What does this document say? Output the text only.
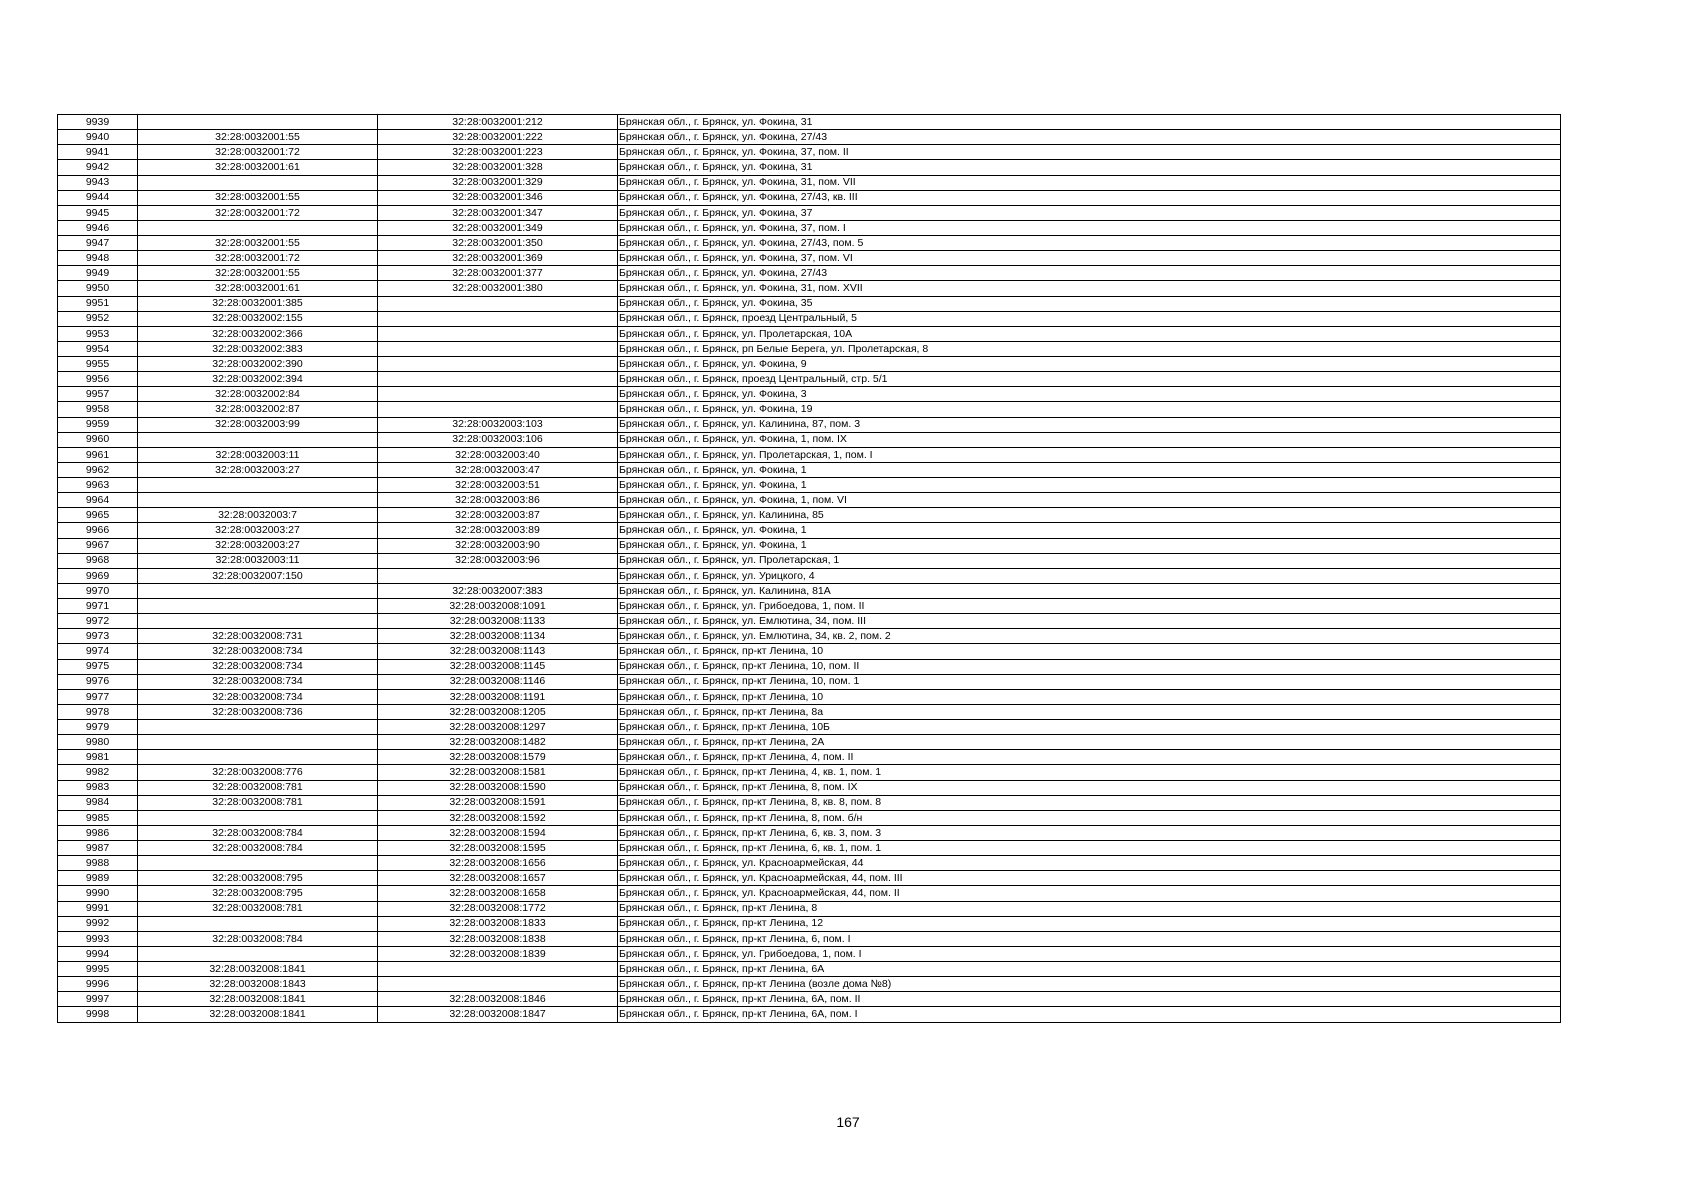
9939		32:28:0032001:212	Брянская обл., г. Брянск, ул. Фокина, 31
9940	32:28:0032001:55	32:28:0032001:222	Брянская обл., г. Брянск, ул. Фокина, 27/43
9941	32:28:0032001:72	32:28:0032001:223	Брянская обл., г. Брянск, ул. Фокина, 37, пом. II
9942	32:28:0032001:61	32:28:0032001:328	Брянская обл., г. Брянск, ул. Фокина, 31
9943		32:28:0032001:329	Брянская обл., г. Брянск, ул. Фокина, 31, пом. VII
9944	32:28:0032001:55	32:28:0032001:346	Брянская обл., г. Брянск, ул. Фокина, 27/43, кв. III
9945	32:28:0032001:72	32:28:0032001:347	Брянская обл., г. Брянск, ул. Фокина, 37
9946		32:28:0032001:349	Брянская обл., г. Брянск, ул. Фокина, 37, пом. I
9947	32:28:0032001:55	32:28:0032001:350	Брянская обл., г. Брянск, ул. Фокина, 27/43, пом. 5
9948	32:28:0032001:72	32:28:0032001:369	Брянская обл., г. Брянск, ул. Фокина, 37, пом. VI
9949	32:28:0032001:55	32:28:0032001:377	Брянская обл., г. Брянск, ул. Фокина, 27/43
9950	32:28:0032001:61	32:28:0032001:380	Брянская обл., г. Брянск, ул. Фокина, 31, пом. XVII
9951	32:28:0032001:385		Брянская обл., г. Брянск, ул. Фокина, 35
9952	32:28:0032002:155		Брянская обл., г. Брянск, проезд Центральный, 5
9953	32:28:0032002:366		Брянская обл., г. Брянск, ул. Пролетарская, 10А
9954	32:28:0032002:383		Брянская обл., г. Брянск, рп Белые Берега, ул. Пролетарская, 8
9955	32:28:0032002:390		Брянская обл., г. Брянск, ул. Фокина, 9
9956	32:28:0032002:394		Брянская обл., г. Брянск, проезд Центральный, стр. 5/1
9957	32:28:0032002:84		Брянская обл., г. Брянск, ул. Фокина, 3
9958	32:28:0032002:87		Брянская обл., г. Брянск, ул. Фокина, 19
9959	32:28:0032003:99	32:28:0032003:103	Брянская обл., г. Брянск, ул. Калинина, 87, пом. 3
9960		32:28:0032003:106	Брянская обл., г. Брянск, ул. Фокина, 1, пом. IX
9961	32:28:0032003:11	32:28:0032003:40	Брянская обл., г. Брянск, ул. Пролетарская, 1, пом. I
9962	32:28:0032003:27	32:28:0032003:47	Брянская обл., г. Брянск, ул. Фокина, 1
9963		32:28:0032003:51	Брянская обл., г. Брянск, ул. Фокина, 1
9964		32:28:0032003:86	Брянская обл., г. Брянск, ул. Фокина, 1, пом. VI
9965	32:28:0032003:7	32:28:0032003:87	Брянская обл., г. Брянск, ул. Калинина, 85
9966	32:28:0032003:27	32:28:0032003:89	Брянская обл., г. Брянск, ул. Фокина, 1
9967	32:28:0032003:27	32:28:0032003:90	Брянская обл., г. Брянск, ул. Фокина, 1
9968	32:28:0032003:11	32:28:0032003:96	Брянская обл., г. Брянск, ул. Пролетарская, 1
9969	32:28:0032007:150		Брянская обл., г. Брянск, ул. Урицкого, 4
9970		32:28:0032007:383	Брянская обл., г. Брянск, ул. Калинина, 81А
9971		32:28:0032008:1091	Брянская обл., г. Брянск, ул. Грибоедова, 1, пом. II
9972		32:28:0032008:1133	Брянская обл., г. Брянск, ул. Емлютина, 34, пом. III
9973	32:28:0032008:731	32:28:0032008:1134	Брянская обл., г. Брянск, ул. Емлютина, 34, кв. 2, пом. 2
9974	32:28:0032008:734	32:28:0032008:1143	Брянская обл., г. Брянск, пр-кт Ленина, 10
9975	32:28:0032008:734	32:28:0032008:1145	Брянская обл., г. Брянск, пр-кт Ленина, 10, пом. II
9976	32:28:0032008:734	32:28:0032008:1146	Брянская обл., г. Брянск, пр-кт Ленина, 10, пом. 1
9977	32:28:0032008:734	32:28:0032008:1191	Брянская обл., г. Брянск, пр-кт Ленина, 10
9978	32:28:0032008:736	32:28:0032008:1205	Брянская обл., г. Брянск, пр-кт Ленина, 8а
9979		32:28:0032008:1297	Брянская обл., г. Брянск, пр-кт Ленина, 10Б
9980		32:28:0032008:1482	Брянская обл., г. Брянск, пр-кт Ленина, 2А
9981		32:28:0032008:1579	Брянская обл., г. Брянск, пр-кт Ленина, 4, пом. II
9982	32:28:0032008:776	32:28:0032008:1581	Брянская обл., г. Брянск, пр-кт Ленина, 4, кв. 1, пом. 1
9983	32:28:0032008:781	32:28:0032008:1590	Брянская обл., г. Брянск, пр-кт Ленина, 8, пом. IX
9984	32:28:0032008:781	32:28:0032008:1591	Брянская обл., г. Брянск, пр-кт Ленина, 8, кв. 8, пом. 8
9985		32:28:0032008:1592	Брянская обл., г. Брянск, пр-кт Ленина, 8, пом. б/н
9986	32:28:0032008:784	32:28:0032008:1594	Брянская обл., г. Брянск, пр-кт Ленина, 6, кв. 3, пом. 3
9987	32:28:0032008:784	32:28:0032008:1595	Брянская обл., г. Брянск, пр-кт Ленина, 6, кв. 1, пом. 1
9988		32:28:0032008:1656	Брянская обл., г. Брянск, ул. Красноармейская, 44
9989	32:28:0032008:795	32:28:0032008:1657	Брянская обл., г. Брянск, ул. Красноармейская, 44, пом. III
9990	32:28:0032008:795	32:28:0032008:1658	Брянская обл., г. Брянск, ул. Красноармейская, 44, пом. II
9991	32:28:0032008:781	32:28:0032008:1772	Брянская обл., г. Брянск, пр-кт Ленина, 8
9992		32:28:0032008:1833	Брянская обл., г. Брянск, пр-кт Ленина, 12
9993	32:28:0032008:784	32:28:0032008:1838	Брянская обл., г. Брянск, пр-кт Ленина, 6, пом. I
9994		32:28:0032008:1839	Брянская обл., г. Брянск, ул. Грибоедова, 1, пом. I
9995	32:28:0032008:1841		Брянская обл., г. Брянск, пр-кт Ленина, 6А
9996	32:28:0032008:1843		Брянская обл., г. Брянск, пр-кт Ленина (возле дома №8)
9997	32:28:0032008:1841	32:28:0032008:1846	Брянская обл., г. Брянск, пр-кт Ленина, 6А, пом. II
9998	32:28:0032008:1841	32:28:0032008:1847	Брянская обл., г. Брянск, пр-кт Ленина, 6А, пом. I
167
